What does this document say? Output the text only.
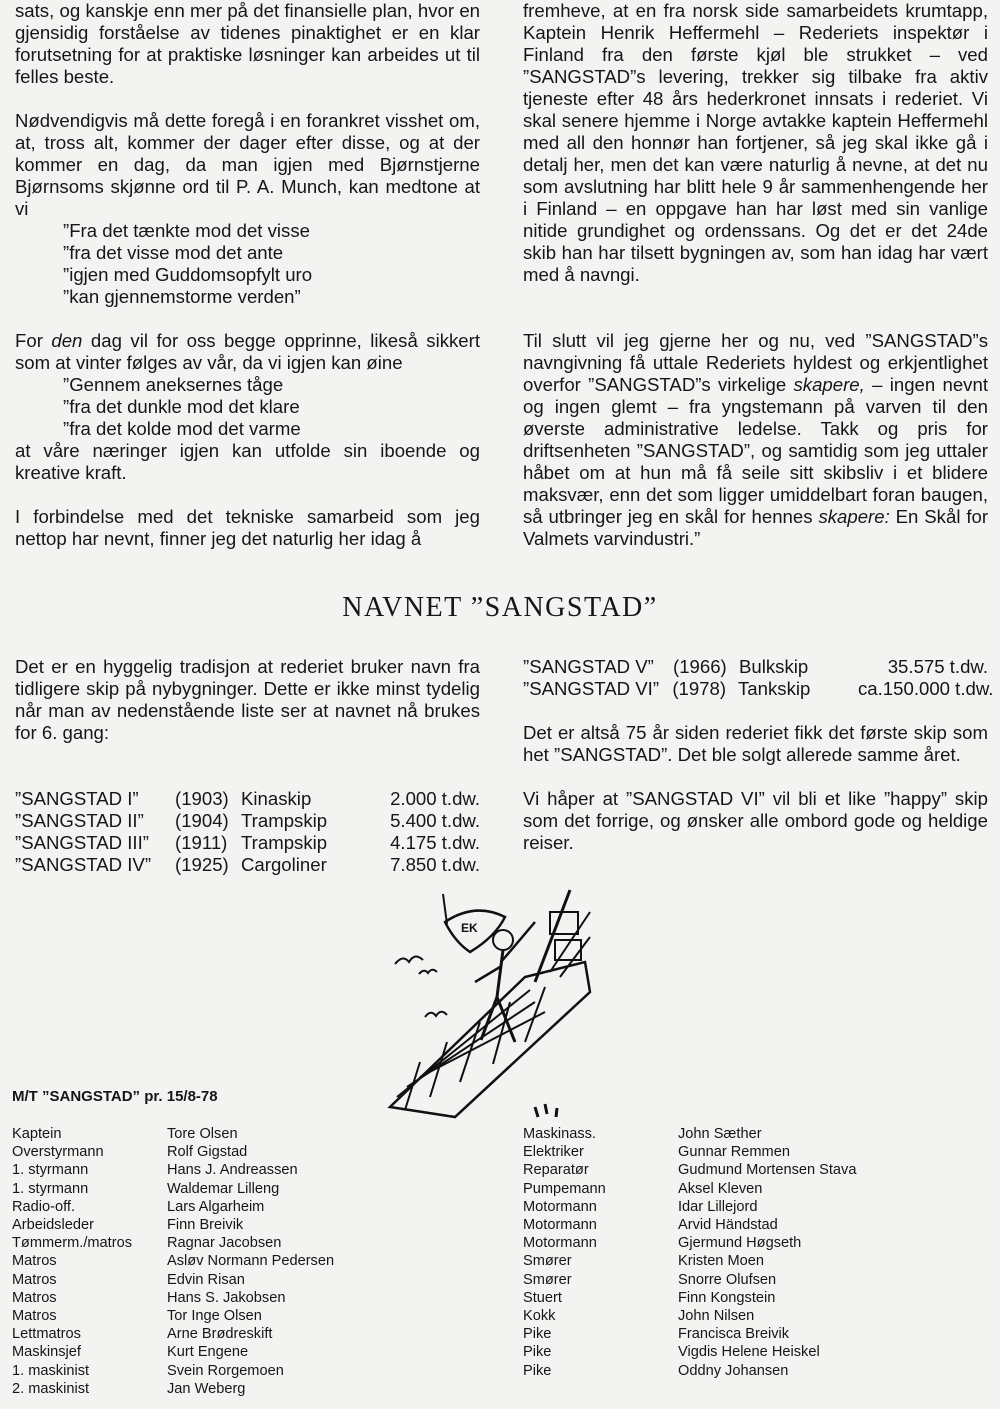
sats, og kanskje enn mer på det finansielle plan, hvor en gjensidig forståelse av tidenes pinaktighet er en klar forutsetning for at praktiske løsninger kan arbeides ut til felles beste.

Nødvendigvis må dette foregå i en forankret visshet om, at, tross alt, kommer der dager efter disse, og at der kommer en dag, da man igjen med Bjørnstjerne Bjørnsoms skjønne ord til P. A. Munch, kan medtone at vi

”Fra det tænkte mod det visse
”fra det visse mod det ante
”igjen med Guddomsopfylt uro
”kan gjennemstorme verden”

For den dag vil for oss begge opprinne, likeså sikkert som at vinter følges av vår, da vi igjen kan øine

”Gennem aneksernes tåge
”fra det dunkle mod det klare
”fra det kolde mod det varme

at våre næringer igjen kan utfolde sin iboende og kreative kraft.

I forbindelse med det tekniske samarbeid som jeg nettop har nevnt, finner jeg det naturlig her idag å

fremheve, at en fra norsk side samarbeidets krumtapp, Kaptein Henrik Heffermehl – Rederiets inspektør i Finland fra den første kjøl ble strukket – ved ”SANGSTAD”s levering, trekker sig tilbake fra aktiv tjeneste efter 48 års hederkronet innsats i rederiet. Vi skal senere hjemme i Norge avtakke kaptein Heffermehl med all den honnør han fortjener, så jeg skal ikke gå i detalj her, men det kan være naturlig å nevne, at det nu som avslutning har blitt hele 9 år sammenhengende her i Finland – en oppgave han har løst med sin vanlige nitide grundighet og ordenssans. Og det er det 24de skib han har tilsett bygningen av, som han idag har vært med å navngi.

Til slutt vil jeg gjerne her og nu, ved ”SANGSTAD”s navngivning få uttale Rederiets hyldest og erkjentlighet overfor ”SANGSTAD”s virkelige skapere, – ingen nevnt og ingen glemt – fra yngstemann på varven til den øverste administrative ledelse. Takk og pris for driftsenheten ”SANGSTAD”, og samtidig som jeg uttaler håbet om at hun må få seile sitt skibsliv i et blidere maksvær, enn det som ligger umiddelbart foran baugen, så utbringer jeg en skål for hennes skapere: En Skål for Valmets varvindustri.”

NAVNET ”SANGSTAD”

Det er en hyggelig tradisjon at rederiet bruker navn fra tidligere skip på nybygninger. Dette er ikke minst tydelig når man av nedenstående liste ser at navnet nå brukes for 6. gang:

”SANGSTAD I”	(1903) Kinaskip	2.000 t.dw.
”SANGSTAD II”	(1904) Trampskip	5.400 t.dw.
”SANGSTAD III”	(1911) Trampskip	4.175 t.dw.
”SANGSTAD IV”	(1925) Cargoliner	7.850 t.dw.
”SANGSTAD V”	(1966) Bulkskip	35.575 t.dw.
”SANGSTAD VI” (1978) Tankskip	ca.150.000 t.dw.

Det er altså 75 år siden rederiet fikk det første skip som het ”SANGSTAD”. Det ble solgt allerede samme året.

Vi håper at ”SANGSTAD VI” vil bli et like ”happy” skip som det forrige, og ønsker alle ombord gode og heldige reiser.

EK
M/T ”SANGSTAD” pr. 15/8-78
Kaptein	Tore Olsen
Overstyrmann	Rolf Gigstad
1. styrmann	Hans J. Andreassen
1. styrmann	Waldemar Lilleng
Radio-off.	Lars Algarheim
Arbeidsleder	Finn Breivik
Tømmerm./matros	Ragnar Jacobsen
Matros	Asløv Normann Pedersen
Matros	Edvin Risan
Matros	Hans S. Jakobsen
Matros	Tor Inge Olsen
Lettmatros	Arne Brødreskift
Maskinsjef	Kurt Engene
1. maskinist	Svein Rorgemoen
2. maskinist	Jan Weberg
Maskinass.	John Sæther
Elektriker	Gunnar Remmen
Reparatør	Gudmund Mortensen Stava
Pumpemann	Aksel Kleven
Motormann	Idar Lillejord
Motormann	Arvid Händstad
Motormann	Gjermund Høgseth
Smører	Kristen Moen
Smører	Snorre Olufsen
Stuert	Finn Kongstein
Kokk	John Nilsen
Pike	Francisca Breivik
Pike	Vigdis Helene Heiskel
Pike	Oddny Johansen
